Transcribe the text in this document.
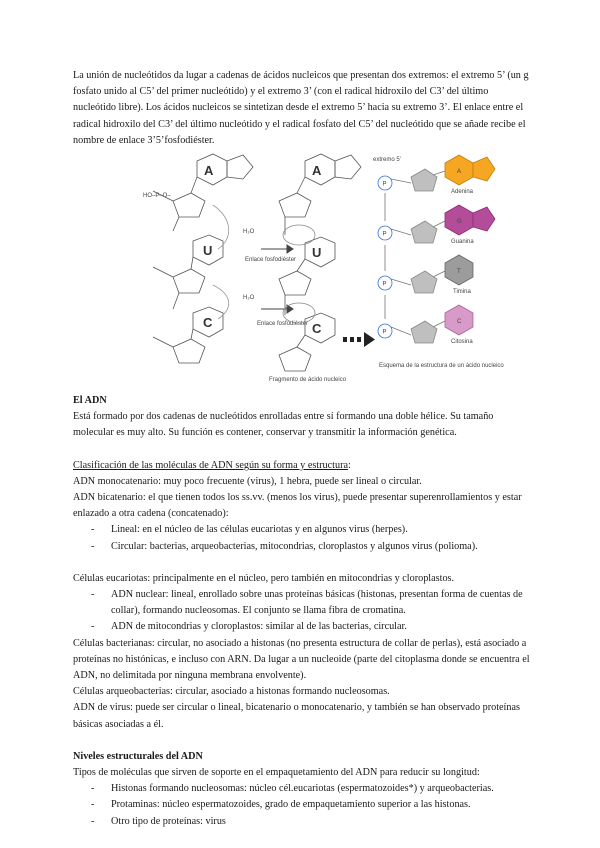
La unión de nucleótidos da lugar a cadenas de ácidos nucleicos que presentan dos extremos: el extremo 5’ (un g fosfato unido al C5’ del primer nucleótido) y el extremo 3’ (con el radical hidroxilo del C3’ del último nucleótido libre). Los ácidos nucleicos se sintetizan desde el extremo 5’ hacia su extremo 3’. El enlace entre el radical hidroxilo del C3’ del último nucleótido y el radical fosfato del C5’ del nucleótido que se añade recibe el nombre de enlace 3’5’fosfodiéster.

A
U
C
H₂O
H₂O
HO–P–O–
Enlace fosfodiéster
Enlace fosfodiéster
A
U
C
Fragmento de ácido nucleico
extremo 5'
P
P
P
P
A
G
T
C
Adenina
Guanina
Timina
Citosina
Esquema de la estructura de un ácido nucleico

El ADN

Está formado por dos cadenas de nucleótidos enrolladas entre sí formando una doble hélice. Su tamaño molecular es muy alto. Su función es contener, conservar y transmitir la información genética.

Clasificación de las moléculas de ADN según su forma y estructura:

ADN monocatenario: muy poco frecuente (virus), 1 hebra, puede ser lineal o circular.

ADN bicatenario: el que tienen todos los ss.vv. (menos los virus), puede presentar superenrollamientos y estar enlazado a otra cadena (concatenado):

- Lineal: en el núcleo de las células eucariotas y en algunos virus (herpes).
- Circular: bacterias, arqueobacterias, mitocondrias, cloroplastos y algunos virus (polioma).

Células eucariotas: principalmente en el núcleo, pero también en mitocondrias y cloroplastos.

- ADN nuclear: lineal, enrollado sobre unas proteínas básicas (histonas, presentan forma de cuentas de collar), formando nucleosomas. El conjunto se llama fibra de cromatina.
- ADN de mitocondrias y cloroplastos: similar al de las bacterias, circular.

Células bacterianas: circular, no asociado a histonas (no presenta estructura de collar de perlas), está asociado a proteínas no histónicas, e incluso con ARN. Da lugar a un nucleoide (parte del citoplasma donde se encuentra el ADN, no delimitada por ninguna membrana envolvente).

Células arqueobacterias: circular, asociado a histonas formando nucleosomas.

ADN de virus: puede ser circular o lineal, bicatenario o monocatenario, y también se han observado proteínas básicas asociadas a él.

Niveles estructurales del ADN

Tipos de moléculas que sirven de soporte en el empaquetamiento del ADN para reducir su longitud:

- Histonas formando nucleosomas: núcleo cél.eucariotas (espermatozoides*) y arqueobacterias.
- Protaminas: núcleo espermatozoides, grado de empaquetamiento superior a las histonas.
- Otro tipo de proteínas: virus
